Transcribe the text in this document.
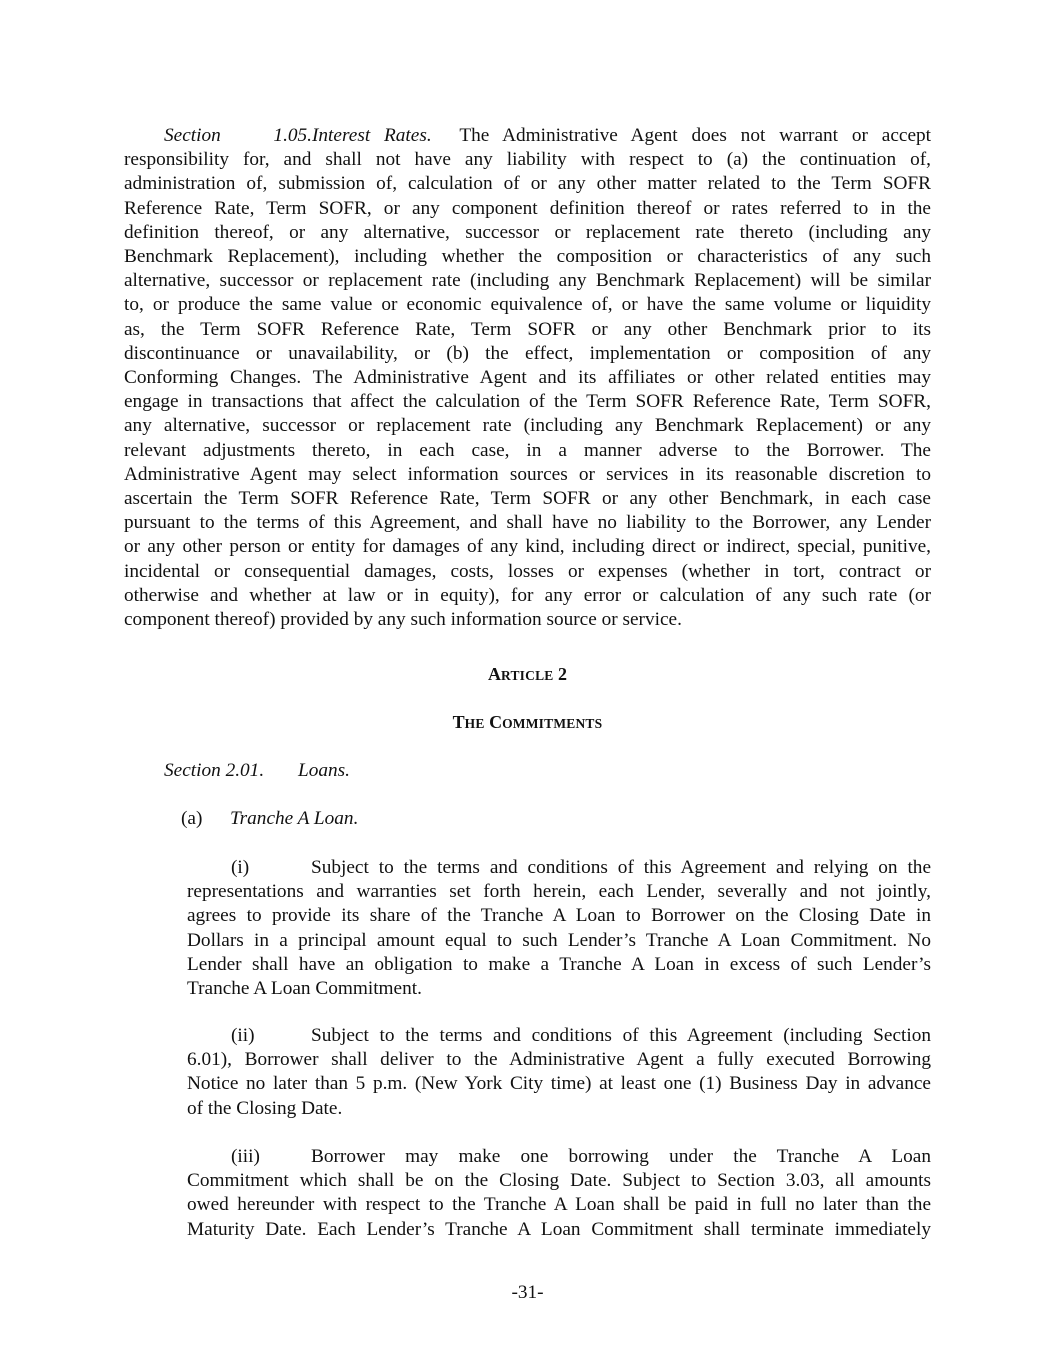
Section 1.05.Interest Rates. The Administrative Agent does not warrant or accept
responsibility for, and shall not have any liability with respect to (a) the continuation of,
administration of, submission of, calculation of or any other matter related to the Term SOFR
Reference Rate, Term SOFR, or any component definition thereof or rates referred to in the
definition thereof, or any alternative, successor or replacement rate thereto (including any
Benchmark Replacement), including whether the composition or characteristics of any such
alternative, successor or replacement rate (including any Benchmark Replacement) will be similar
to, or produce the same value or economic equivalence of, or have the same volume or liquidity
as, the Term SOFR Reference Rate, Term SOFR or any other Benchmark prior to its
discontinuance or unavailability, or (b) the effect, implementation or composition of any
Conforming Changes. The Administrative Agent and its affiliates or other related entities may
engage in transactions that affect the calculation of the Term SOFR Reference Rate, Term SOFR,
any alternative, successor or replacement rate (including any Benchmark Replacement) or any
relevant adjustments thereto, in each case, in a manner adverse to the Borrower. The
Administrative Agent may select information sources or services in its reasonable discretion to
ascertain the Term SOFR Reference Rate, Term SOFR or any other Benchmark, in each case
pursuant to the terms of this Agreement, and shall have no liability to the Borrower, any Lender
or any other person or entity for damages of any kind, including direct or indirect, special, punitive,
incidental or consequential damages, costs, losses or expenses (whether in tort, contract or
otherwise and whether at law or in equity), for any error or calculation of any such rate (or
component thereof) provided by any such information source or service.
ARTICLE 2
THE COMMITMENTS
Section 2.01. Loans.
(a) Tranche A Loan.
(i)	Subject to the terms and conditions of this Agreement and relying on the
representations and warranties set forth herein, each Lender, severally and not jointly,
agrees to provide its share of the Tranche A Loan to Borrower on the Closing Date in
Dollars in a principal amount equal to such Lender’s Tranche A Loan Commitment. No
Lender shall have an obligation to make a Tranche A Loan in excess of such Lender’s
Tranche A Loan Commitment.
(ii)	Subject to the terms and conditions of this Agreement (including Section
6.01), Borrower shall deliver to the Administrative Agent a fully executed Borrowing
Notice no later than 5 p.m. (New York City time) at least one (1) Business Day in advance
of the Closing Date.
(iii)	Borrower may make one borrowing under the Tranche A Loan
Commitment which shall be on the Closing Date. Subject to Section 3.03, all amounts
owed hereunder with respect to the Tranche A Loan shall be paid in full no later than the
Maturity Date. Each Lender’s Tranche A Loan Commitment shall terminate immediately
-31-
